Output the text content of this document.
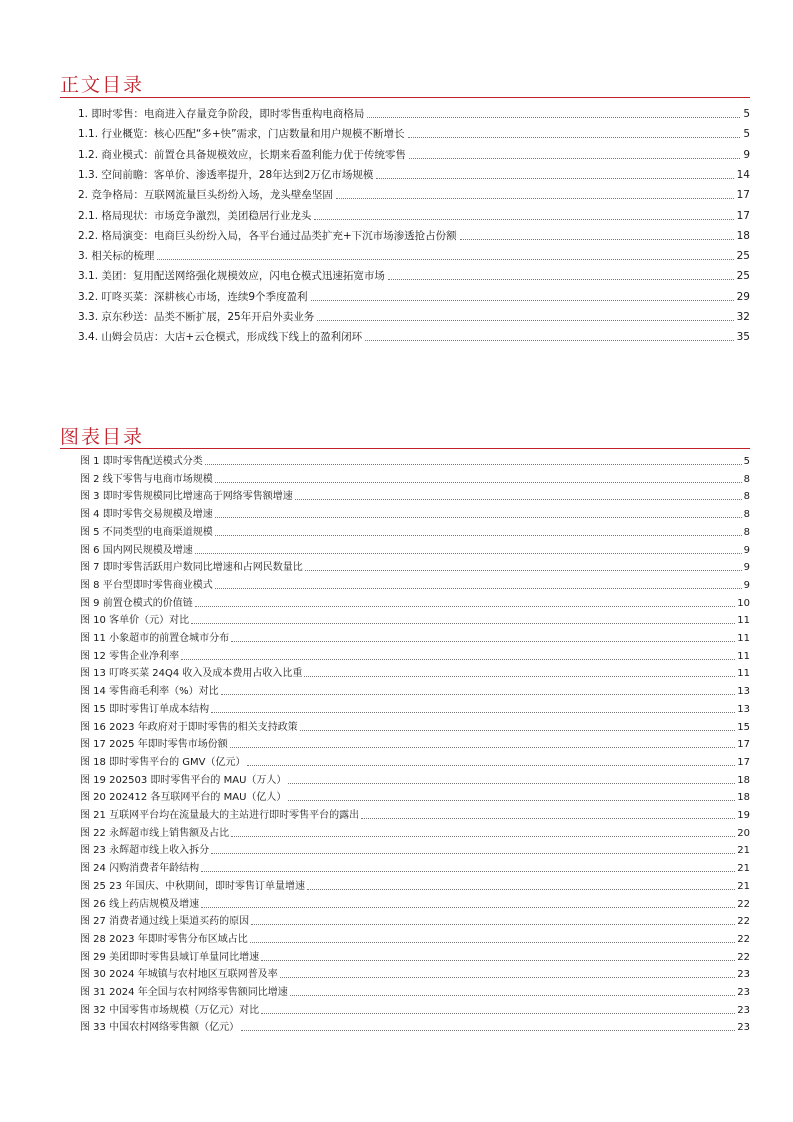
正文目录
1. 即时零售：电商进入存量竞争阶段，即时零售重构电商格局	5
1.1. 行业概览：核心匹配“多+快”需求，门店数量和用户规模不断增长	5
1.2. 商业模式：前置仓具备规模效应，长期来看盈利能力优于传统零售	9
1.3. 空间前瞻：客单价、渗透率提升，28年达到2万亿市场规模	14
2. 竞争格局：互联网流量巨头纷纷入场，龙头壁垒坚固	17
2.1. 格局现状：市场竞争激烈，美团稳居行业龙头	17
2.2. 格局演变：电商巨头纷纷入局，各平台通过品类扩充+下沉市场渗透抢占份额	18
3. 相关标的梳理	25
3.1. 美团：复用配送网络强化规模效应，闪电仓模式迅速拓宽市场	25
3.2. 叮咚买菜：深耕核心市场，连续9个季度盈利	29
3.3. 京东秒送：品类不断扩展，25年开启外卖业务	32
3.4. 山姆会员店：大店+云仓模式，形成线下线上的盈利闭环	35
图表目录
图 1 即时零售配送模式分类	5
图 2 线下零售与电商市场规模	8
图 3 即时零售规模同比增速高于网络零售额增速	8
图 4 即时零售交易规模及增速	8
图 5 不同类型的电商渠道规模	8
图 6 国内网民规模及增速	9
图 7 即时零售活跃用户数同比增速和占网民数量比	9
图 8 平台型即时零售商业模式	9
图 9 前置仓模式的价值链	10
图 10 客单价（元）对比	11
图 11 小象超市的前置仓城市分布	11
图 12 零售企业净利率	11
图 13 叮咚买菜 24Q4 收入及成本费用占收入比重	11
图 14 零售商毛利率（%）对比	13
图 15 即时零售订单成本结构	13
图 16 2023 年政府对于即时零售的相关支持政策	15
图 17 2025 年即时零售市场份额	17
图 18 即时零售平台的 GMV（亿元）	17
图 19 202503 即时零售平台的 MAU（万人）	18
图 20 202412 各互联网平台的 MAU（亿人）	18
图 21 互联网平台均在流量最大的主站进行即时零售平台的露出	19
图 22 永辉超市线上销售额及占比	20
图 23 永辉超市线上收入拆分	21
图 24 闪购消费者年龄结构	21
图 25 23 年国庆、中秋期间，即时零售订单量增速	21
图 26 线上药店规模及增速	22
图 27 消费者通过线上渠道买药的原因	22
图 28 2023 年即时零售分布区域占比	22
图 29 美团即时零售县域订单量同比增速	22
图 30 2024 年城镇与农村地区互联网普及率	23
图 31 2024 年全国与农村网络零售额同比增速	23
图 32 中国零售市场规模（万亿元）对比	23
图 33 中国农村网络零售额（亿元）	23
